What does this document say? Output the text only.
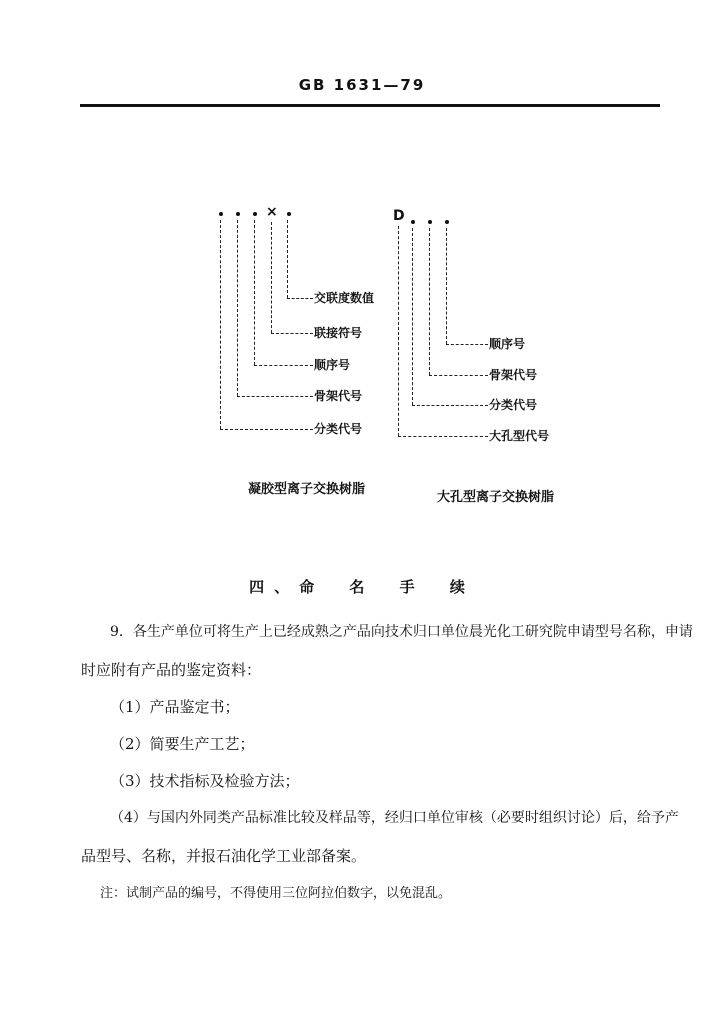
GB 1631—79
×
交联度数值
联接符号
顺序号
骨架代号
分类代号
凝胶型离子交换树脂
D
顺序号
骨架代号
分类代号
大孔型代号
大孔型离子交换树脂
四、命 名 手 续
9．各生产单位可将生产上已经成熟之产品向技术归口单位晨光化工研究院申请型号名称，申请
时应附有产品的鉴定资料：
（1）产品鉴定书；
（2）简要生产工艺；
（3）技术指标及检验方法；
（4）与国内外同类产品标准比较及样品等，经归口单位审核（必要时组织讨论）后，给予产
品型号、名称，并报石油化学工业部备案。
注：试制产品的编号，不得使用三位阿拉伯数字，以免混乱。
